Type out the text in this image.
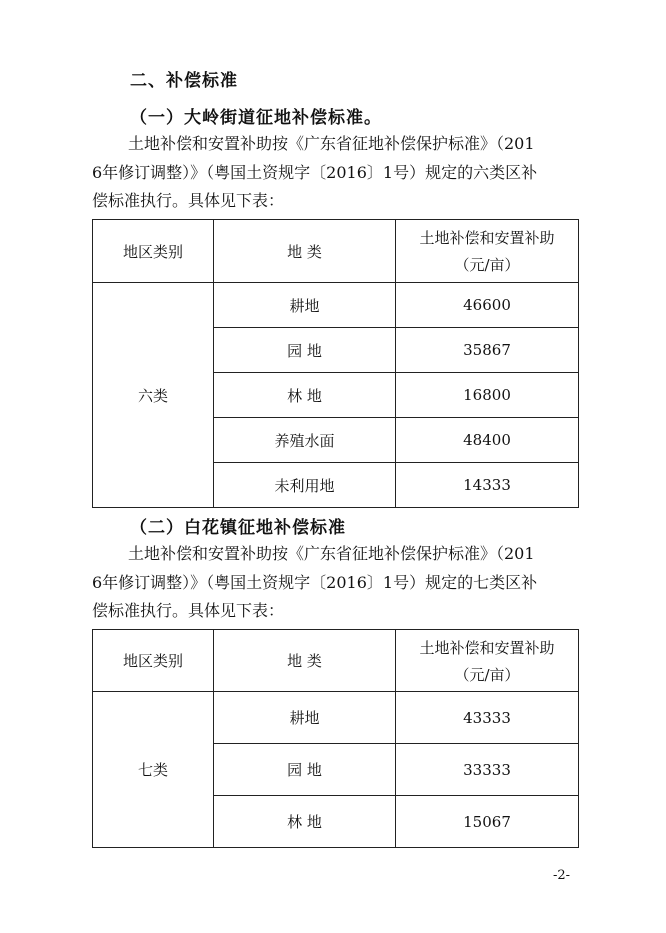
二、补偿标准
（一）大岭街道征地补偿标准。

土地补偿和安置补助按《广东省征地补偿保护标准》（201
6年修订调整）》（粤国土资规字〔2016〕1号）规定的六类区补
偿标准执行。具体见下表：

地区类别	地 类	土地补偿和安置补助
（元/亩）

六类	耕地	46600
	园 地	35867
	林 地	16800
	养殖水面	48400
	未利用地	14333
（二）白花镇征地补偿标准

土地补偿和安置补助按《广东省征地补偿保护标准》（201
6年修订调整）》（粤国土资规字〔2016〕1号）规定的七类区补
偿标准执行。具体见下表：

地区类别	地 类	土地补偿和安置补助
（元/亩）

七类	耕地	43333
	园 地	33333
	林 地	15067
-2-
